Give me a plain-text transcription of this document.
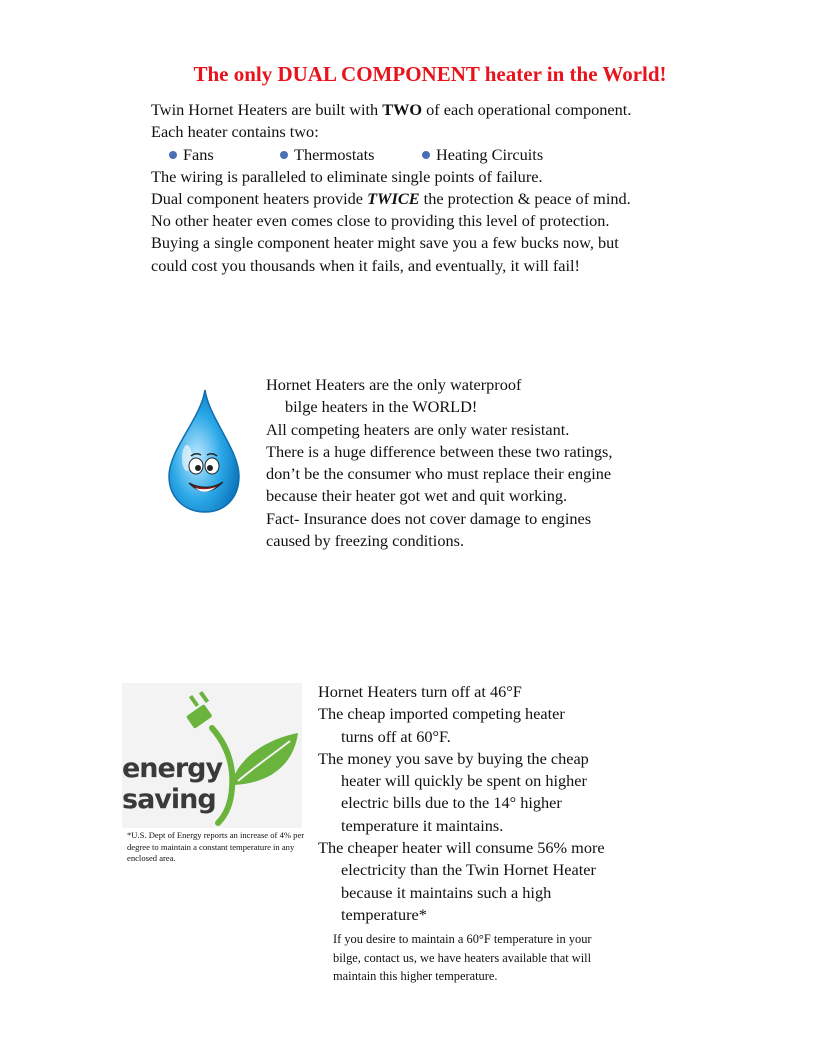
The only DUAL COMPONENT heater in the World!
Twin Hornet Heaters are built with TWO of each operational component.
Each heater contains two:
Fans	Thermostats	Heating Circuits
The wiring is paralleled to eliminate single points of failure.
Dual component heaters provide TWICE the protection & peace of mind.
No other heater even comes close to providing this level of protection.
Buying a single component heater might save you a few bucks now, but
could cost you thousands when it fails, and eventually, it will fail!
Hornet Heaters are the only waterproof
bilge heaters in the WORLD!
All competing heaters are only water resistant.
There is a huge difference between these two ratings,
don’t be the consumer who must replace their engine
because their heater got wet and quit working.
Fact- Insurance does not cover damage to engines
caused by freezing conditions.
energy
saving
*U.S. Dept of Energy reports an increase of 4% per degree to maintain a constant temperature in any enclosed area.
Hornet Heaters turn off at 46°F
The cheap imported competing heater
turns off at 60°F.
The money you save by buying the cheap
heater will quickly be spent on higher
electric bills due to the 14° higher
temperature it maintains.
The cheaper heater will consume 56% more
electricity than the Twin Hornet Heater
because it maintains such a high
temperature*
If you desire to maintain a 60°F temperature in your
bilge, contact us, we have heaters available that will
maintain this higher temperature.
